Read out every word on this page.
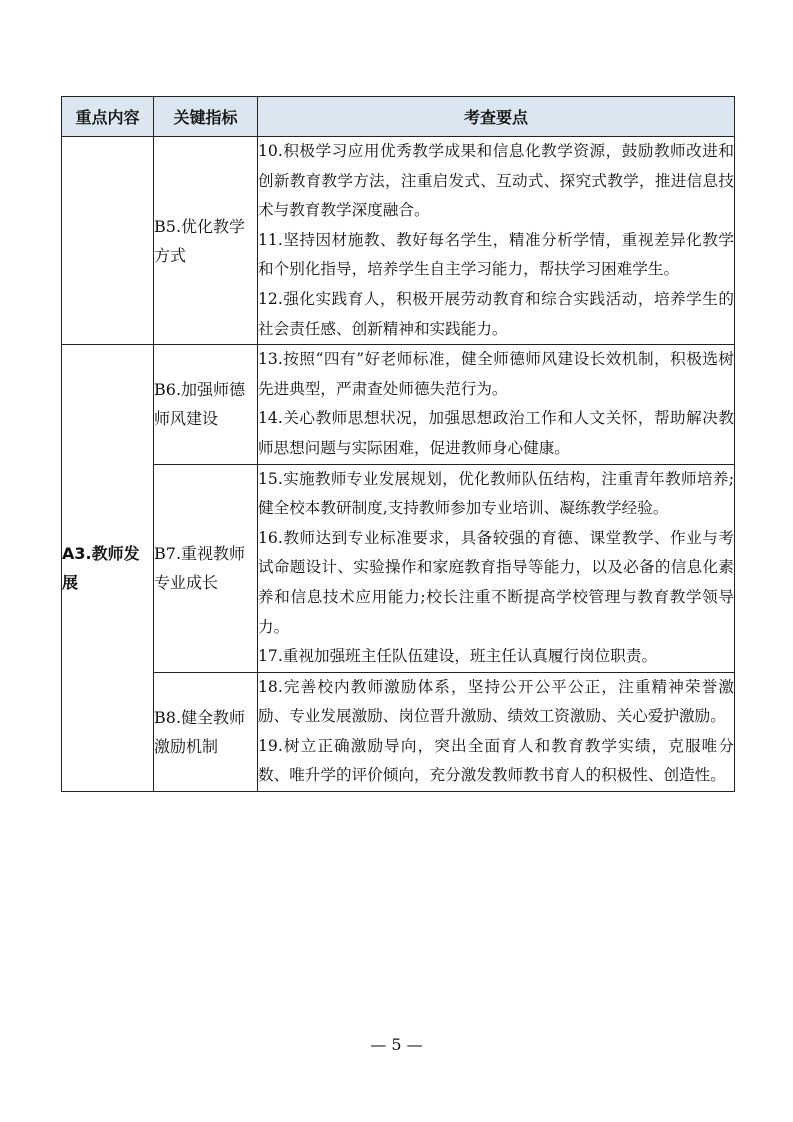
重点内容	关键指标	考查要点
	B5.优化教学方式	10.积极学习应用优秀教学成果和信息化教学资源，鼓励教师改进和创新教育教学方法，注重启发式、互动式、探究式教学，推进信息技术与教育教学深度融合。

11.坚持因材施教、教好每名学生，精准分析学情，重视差异化教学和个别化指导，培养学生自主学习能力，帮扶学习困难学生。

12.强化实践育人，积极开展劳动教育和综合实践活动，培养学生的社会责任感、创新精神和实践能力。

A3.教师发展	B6.加强师德师风建设	13.按照“四有”好老师标准，健全师德师风建设长效机制，积极选树先进典型，严肃查处师德失范行为。

14.关心教师思想状况，加强思想政治工作和人文关怀，帮助解决教师思想问题与实际困难，促进教师身心健康。

	B7.重视教师专业成长	15.实施教师专业发展规划，优化教师队伍结构，注重青年教师培养;健全校本教研制度,支持教师参加专业培训、凝练教学经验。

16.教师达到专业标准要求，具备较强的育德、课堂教学、作业与考试命题设计、实验操作和家庭教育指导等能力，以及必备的信息化素养和信息技术应用能力;校长注重不断提高学校管理与教育教学领导力。

17.重视加强班主任队伍建设，班主任认真履行岗位职责。

	B8.健全教师激励机制	18.完善校内教师激励体系，坚持公开公平公正，注重精神荣誉激励、专业发展激励、岗位晋升激励、绩效工资激励、关心爱护激励。

19.树立正确激励导向，突出全面育人和教育教学实绩，克服唯分数、唯升学的评价倾向，充分激发教师教书育人的积极性、创造性。

— 5 —
